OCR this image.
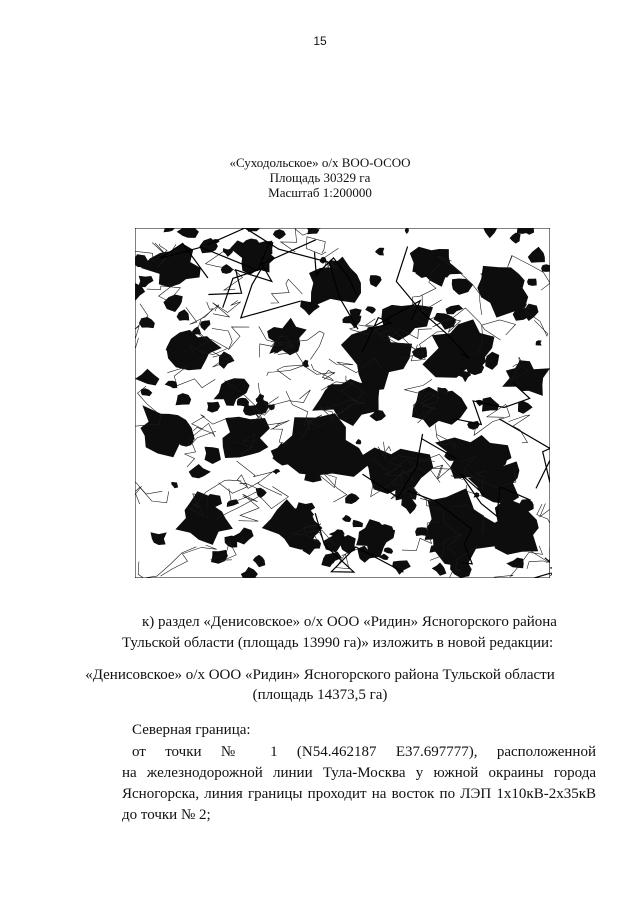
15
«Суходольское» о/х ВОО-ОСОО
Площадь 30329 га
Масштаб 1:200000
;
к) раздел «Денисовское» о/х ООО «Ридин» Ясногорского района
Тульской области (площадь 13990 га)» изложить в новой редакции:
«Денисовское» о/х ООО «Ридин» Ясногорского района Тульской области
(площадь 14373,5 га)
Северная граница:
от точки № 1 (N54.462187 E37.697777), расположенной
на железнодорожной линии Тула-Москва у южной окраины города
Ясногорска, линия границы проходит на восток по ЛЭП 1х10кВ-2х35кВ
до точки № 2;
